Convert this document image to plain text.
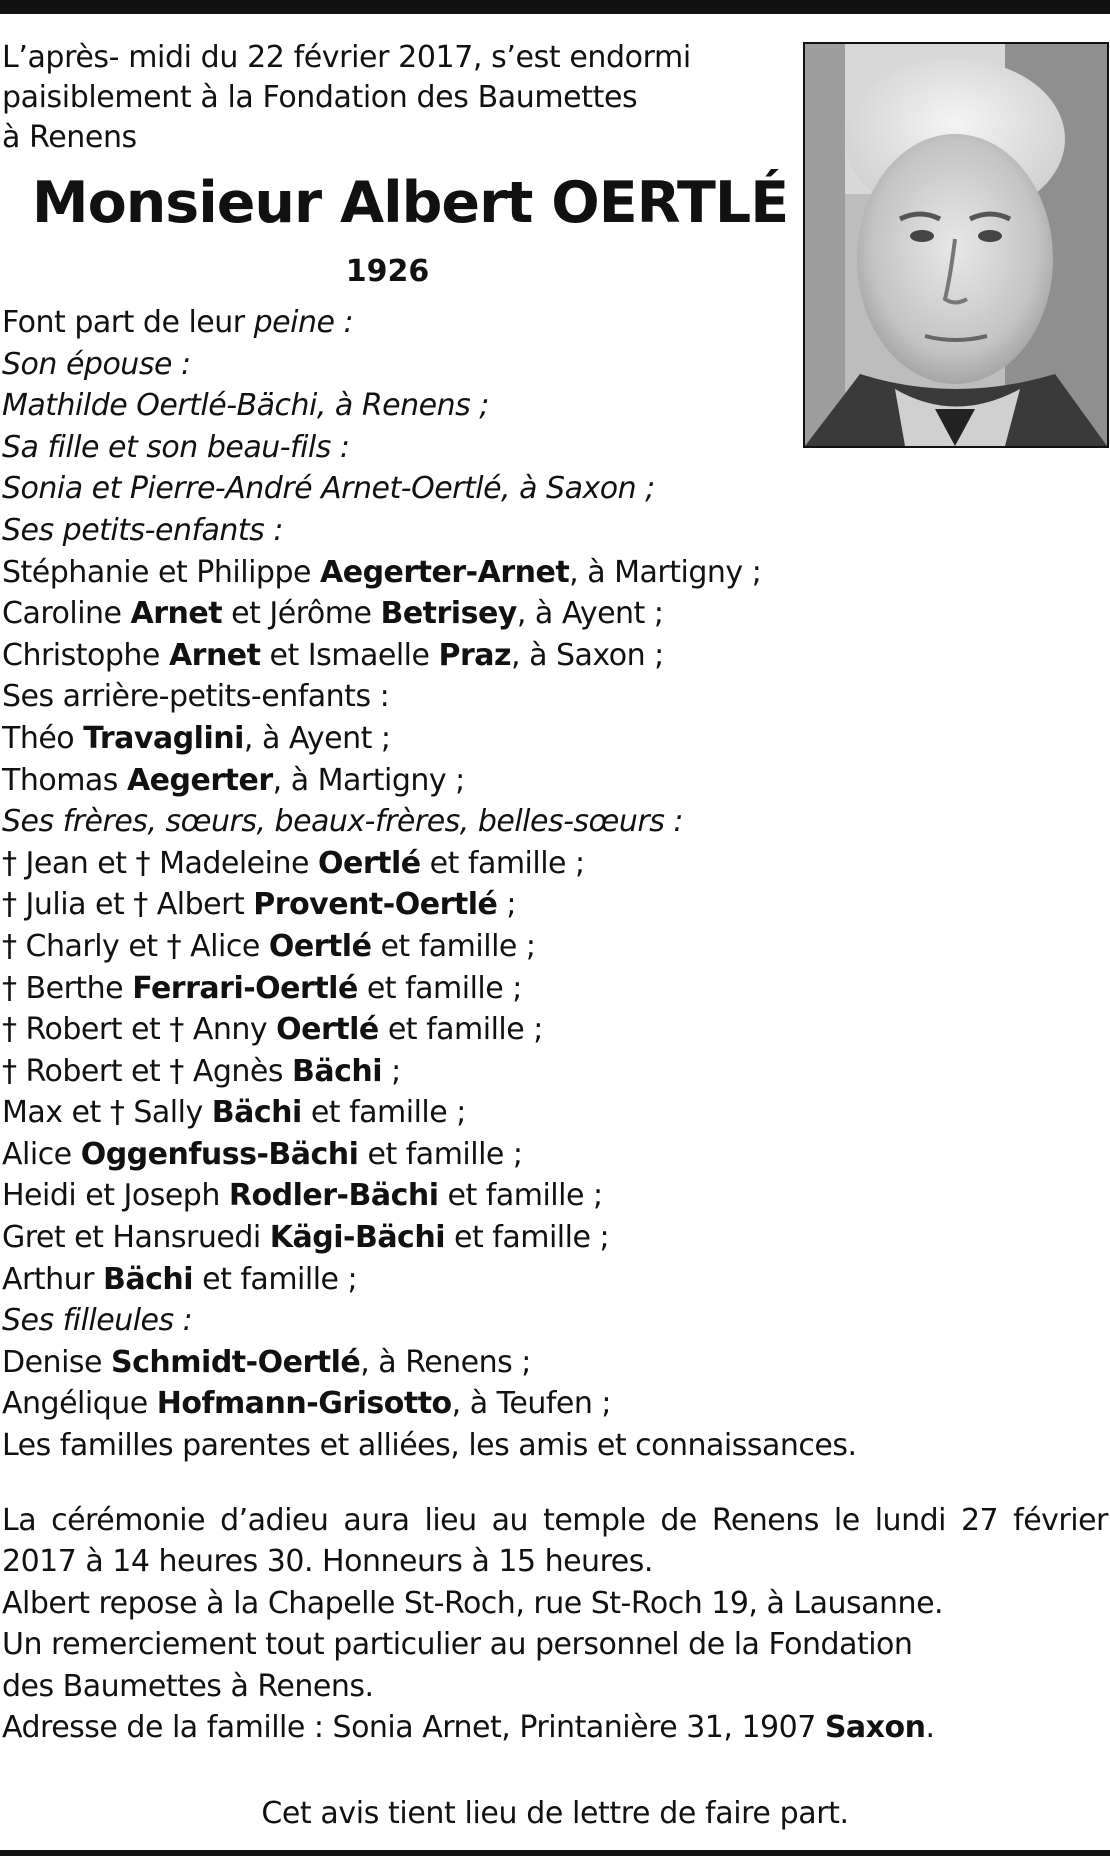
L’après- midi du 22 février 2017, s’est endormi
paisiblement à la Fondation des Baumettes
à Renens
Monsieur Albert OERTLÉ
1926
Font part de leur peine :
Son épouse :
Mathilde Oertlé-Bächi, à Renens ;
Sa fille et son beau-fils :
Sonia et Pierre-André Arnet-Oertlé, à Saxon ;
Ses petits-enfants :
Stéphanie et Philippe Aegerter-Arnet, à Martigny ;
Caroline Arnet et Jérôme Betrisey, à Ayent ;
Christophe Arnet et Ismaelle Praz, à Saxon ;
Ses arrière-petits-enfants :
Théo Travaglini, à Ayent ;
Thomas Aegerter, à Martigny ;
Ses frères, sœurs, beaux-frères, belles-sœurs :
† Jean et † Madeleine Oertlé et famille ;
† Julia et † Albert Provent-Oertlé ;
† Charly et † Alice Oertlé et famille ;
† Berthe Ferrari-Oertlé et famille ;
† Robert et † Anny Oertlé et famille ;
† Robert et † Agnès Bächi ;
Max et † Sally Bächi et famille ;
Alice Oggenfuss-Bächi et famille ;
Heidi et Joseph Rodler-Bächi et famille ;
Gret et Hansruedi Kägi-Bächi et famille ;
Arthur Bächi et famille ;
Ses filleules :
Denise Schmidt-Oertlé, à Renens ;
Angélique Hofmann-Grisotto, à Teufen ;
Les familles parentes et alliées, les amis et connaissances.
La cérémonie d’adieu aura lieu au temple de Renens le lundi 27 février
2017 à 14 heures 30. Honneurs à 15 heures.
Albert repose à la Chapelle St-Roch, rue St-Roch 19, à Lausanne.
Un remerciement tout particulier au personnel de la Fondation
des Baumettes à Renens.
Adresse de la famille : Sonia Arnet, Printanière 31, 1907 Saxon.
Cet avis tient lieu de lettre de faire part.
